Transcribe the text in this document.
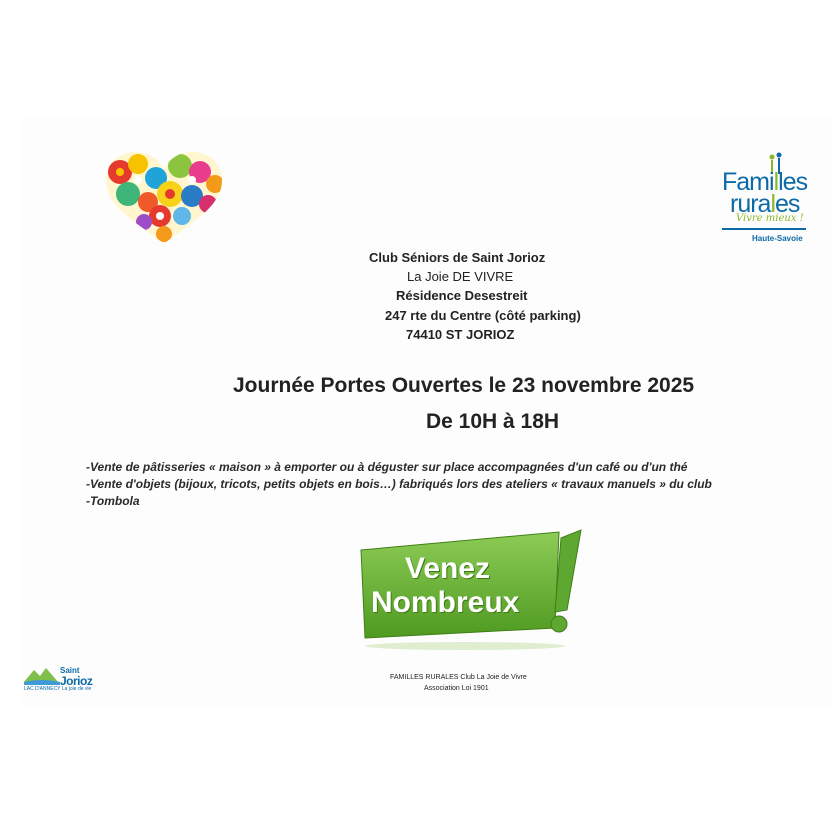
Familles
rurales
Vivre mieux !
Haute-Savoie
Club Séniors de Saint Jorioz
La Joie DE VIVRE
Résidence Desestreit
247 rte du Centre (côté parking)
74410 ST JORIOZ
Journée Portes Ouvertes le 23 novembre 2025
De 10H à 18H
-Vente de pâtisseries « maison » à emporter ou à déguster sur place accompagnées d'un café ou d'un thé
-Vente d'objets (bijoux, tricots, petits objets en bois…) fabriqués lors des ateliers « travaux manuels » du club
-Tombola
Venez
Nombreux
Saint
Jorioz
LAC D'ANNECY La joie de vie
FAMILLES RURALES Club La Joie de Vivre
Association Loi 1901
